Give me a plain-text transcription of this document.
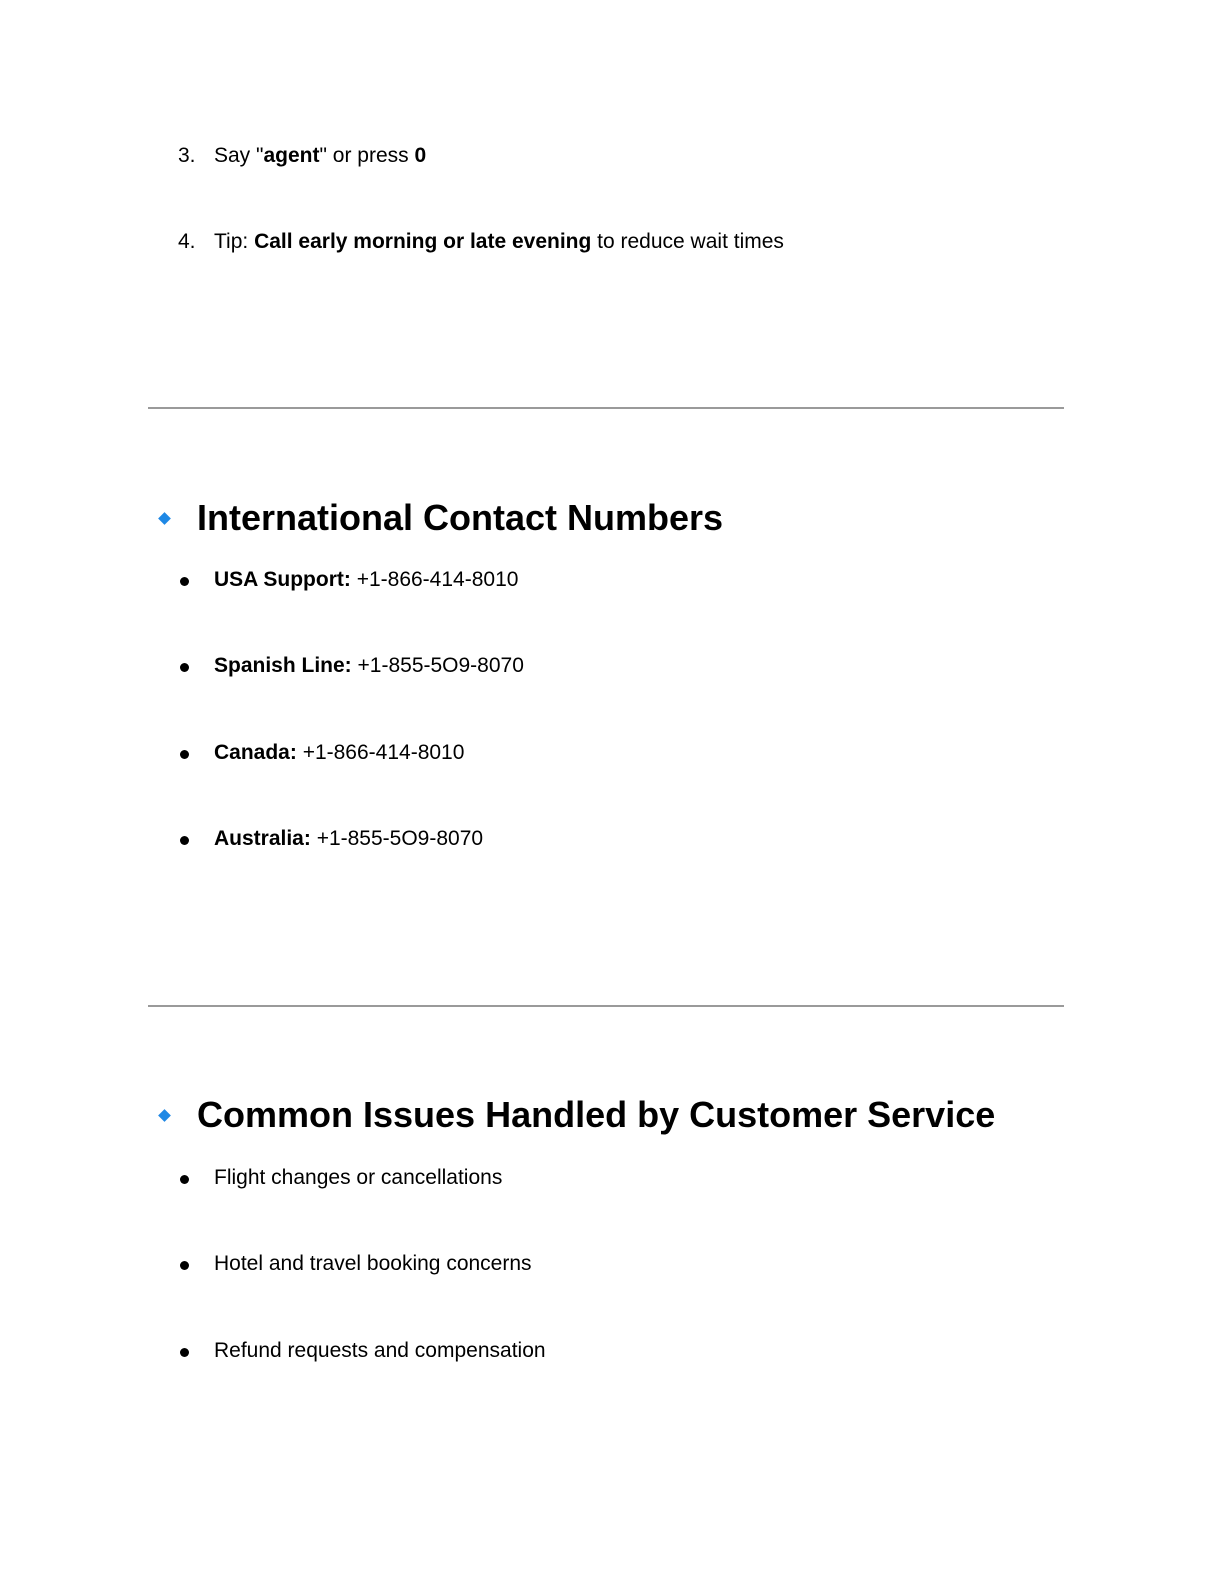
3. Say "agent" or press 0
4. Tip: Call early morning or late evening to reduce wait times
International Contact Numbers
USA Support: +1-866-414-8010
Spanish Line: +1-855-5O9-8070
Canada: +1-866-414-8010
Australia: +1-855-5O9-8070
Common Issues Handled by Customer Service
Flight changes or cancellations
Hotel and travel booking concerns
Refund requests and compensation
